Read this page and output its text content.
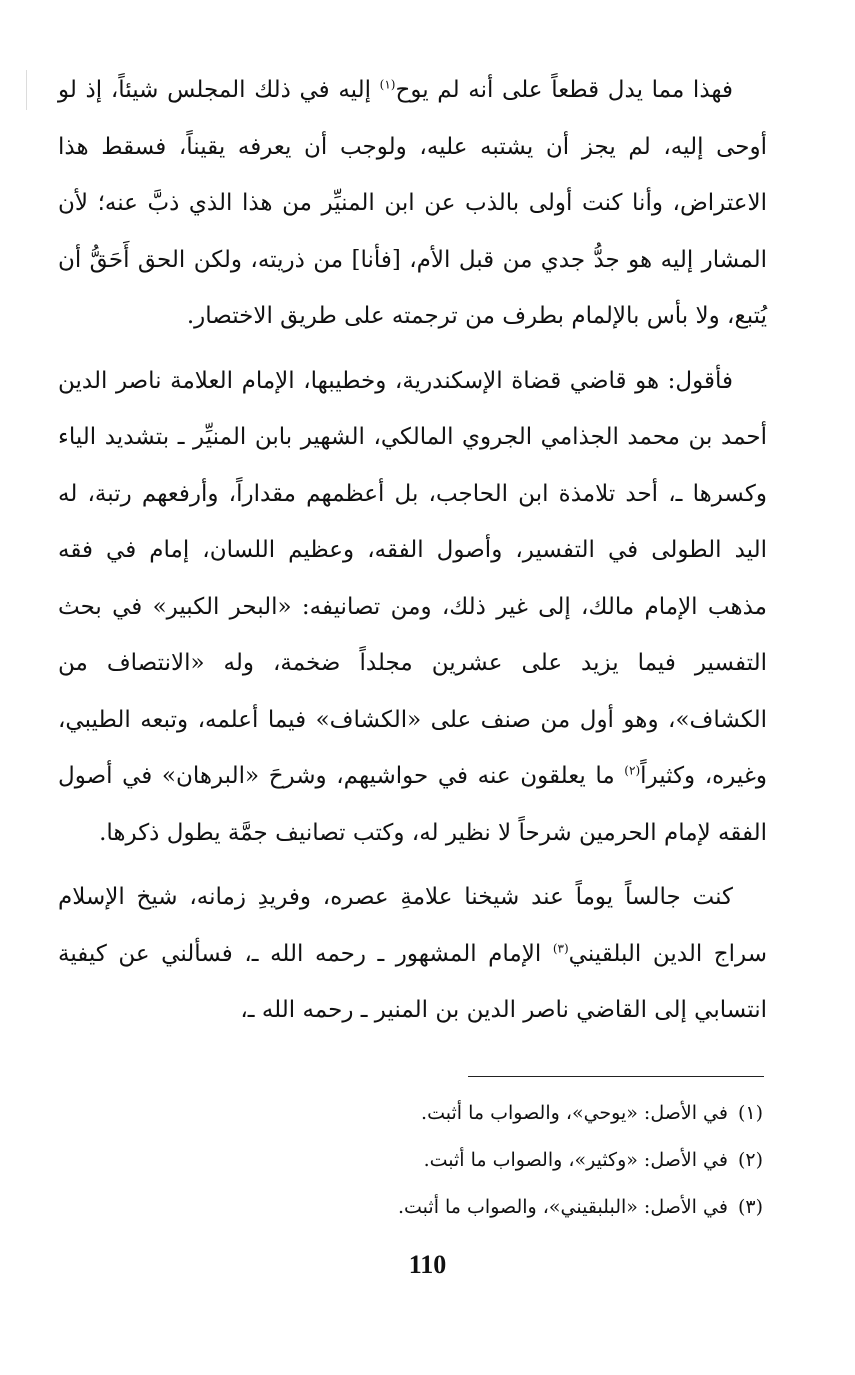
فهذا مما يدل قطعاً على أنه لم يوح$^{(١)}$ إليه في ذلك المجلس شيئاً، إذ لو أوحى إليه، لم يجز أن يشتبه عليه، ولوجب أن يعرفه يقيناً، فسقط هذا الاعتراض، وأنا كنت أولى بالذب عن ابن المنيِّر من هذا الذي ذبَّ عنه؛ لأن المشار إليه هو جدُّ جدي من قبل الأم، [فأنا] من ذريته، ولكن الحق أَحَقُّ أن يُتبع، ولا بأس بالإلمام بطرف من ترجمته على طريق الاختصار.

فأقول: هو قاضي قضاة الإسكندرية، وخطيبها، الإمام العلامة ناصر الدين أحمد بن محمد الجذامي الجروي المالكي، الشهير بابن المنيِّر ـ بتشديد الياء وكسرها ـ، أحد تلامذة ابن الحاجب، بل أعظمهم مقداراً، وأرفعهم رتبة، له اليد الطولى في التفسير، وأصول الفقه، وعظيم اللسان، إمام في فقه مذهب الإمام مالك، إلى غير ذلك، ومن تصانيفه: «البحر الكبير» في بحث التفسير فيما يزيد على عشرين مجلداً ضخمة، وله «الانتصاف من الكشاف»، وهو أول من صنف على «الكشاف» فيما أعلمه، وتبعه الطيبي، وغيره، وكثيراً$^{(٢)}$ ما يعلقون عنه في حواشيهم، وشرحَ «البرهان» في أصول الفقه لإمام الحرمين شرحاً لا نظير له، وكتب تصانيف جمَّة يطول ذكرها.

كنت جالساً يوماً عند شيخنا علامةِ عصره، وفريدِ زمانه، شيخ الإسلام سراج الدين البلقيني$^{(٣)}$ الإمام المشهور ـ رحمه الله ـ، فسألني عن كيفية انتسابي إلى القاضي ناصر الدين بن المنير ـ رحمه الله ـ،

(١)في الأصل: «يوحي»، والصواب ما أثبت.
(٢)في الأصل: «وكثير»، والصواب ما أثبت.
(٣)في الأصل: «البلبقيني»، والصواب ما أثبت.
110
